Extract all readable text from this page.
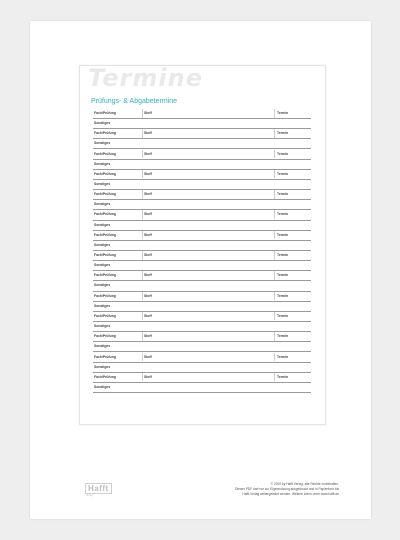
Termine
Prüfungs- & Abgabetermine
Fach/Prüfung	Stoff	Termin
Sonstiges
Fach/Prüfung	Stoff	Termin
Sonstiges
Fach/Prüfung	Stoff	Termin
Sonstiges
Fach/Prüfung	Stoff	Termin
Sonstiges
Fach/Prüfung	Stoff	Termin
Sonstiges
Fach/Prüfung	Stoff	Termin
Sonstiges
Fach/Prüfung	Stoff	Termin
Sonstiges
Fach/Prüfung	Stoff	Termin
Sonstiges
Fach/Prüfung	Stoff	Termin
Sonstiges
Fach/Prüfung	Stoff	Termin
Sonstiges
Fach/Prüfung	Stoff	Termin
Sonstiges
Fach/Prüfung	Stoff	Termin
Sonstiges
Fach/Prüfung	Stoff	Termin
Sonstiges
Fach/Prüfung	Stoff	Termin
Sonstiges
Hafft
Verlag
© 2020 by Hafft Verlag, alle Rechte vorbehalten.
Dieses PDF darf nur zur Eigennutzung ausgedruckt und in Papierform bis
Hafft-Verlag weitergeleitet werden. Weitere Ideen unter www.hafft.de
